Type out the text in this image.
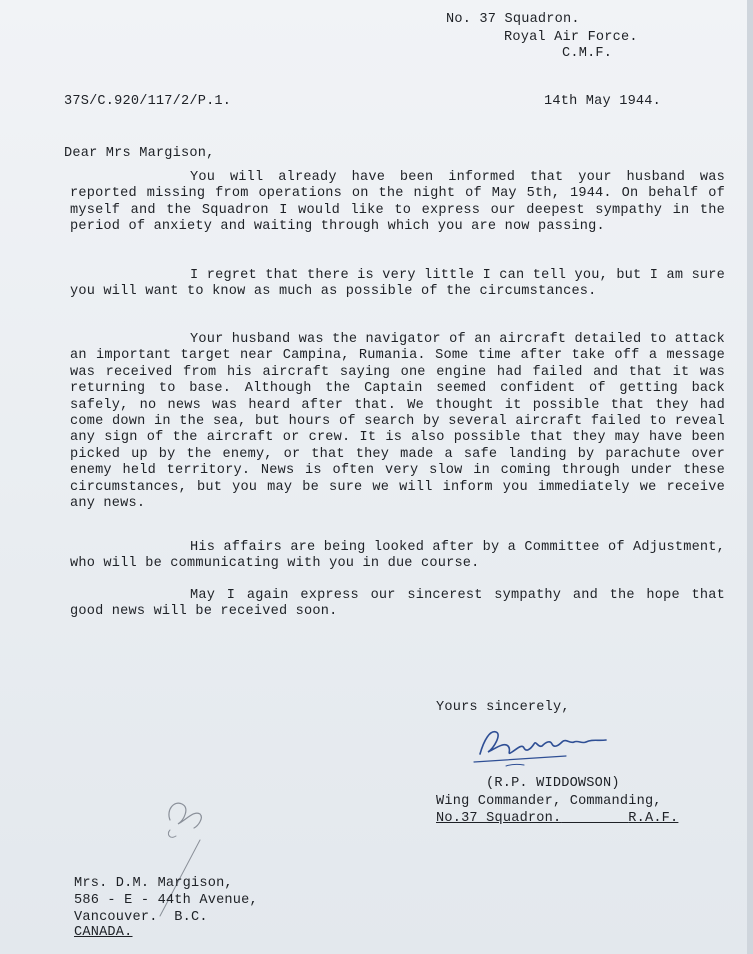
No. 37 Squadron.

Royal Air Force.

C.M.F.

37S/C.920/117/2/P.1.	14th May 1944.

Dear Mrs Margison,

You will already have been informed that your husband was reported missing from operations on the night of May 5th, 1944. On behalf of myself and the Squadron I would like to express our deepest sympathy in the period of anxiety and waiting through which you are now passing.

I regret that there is very little I can tell you, but I am sure you will want to know as much as possible of the circumstances.

Your husband was the navigator of an aircraft detailed to attack an important target near Campina, Rumania. Some time after take off a message was received from his aircraft saying one engine had failed and that it was returning to base. Although the Captain seemed confident of getting back safely, no news was heard after that. We thought it possible that they had come down in the sea, but hours of search by several aircraft failed to reveal any sign of the aircraft or crew. It is also possible that they may have been picked up by the enemy, or that they made a safe landing by parachute over enemy held territory. News is often very slow in coming through under these circumstances, but you may be sure we will inform you immediately we receive any news.

His affairs are being looked after by a Committee of Adjustment, who will be communicating with you in due course.

May I again express our sincerest sympathy and the hope that good news will be received soon.

Yours sincerely,

(R.P. WIDDOWSON)

Wing Commander, Commanding,

No.37 Squadron.	R.A.F.

Mrs. D.M. Margison,

586 - E - 44th Avenue,

Vancouver.  B.C.

CANADA.
